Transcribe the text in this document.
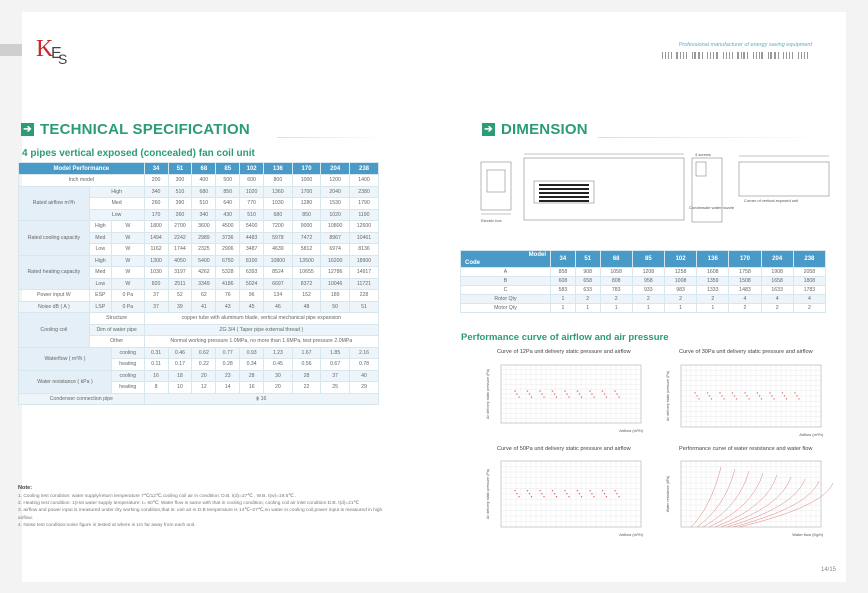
K
E
S
Professional manufacturer of energy saving equipment
➔ TECHNICAL SPECIFICATION
4 pipes vertical exposed (concealed) fan coil unit
Model Performance			34	51	68	85	102	136	170	204	238
Inch model			200	300	400	500	600	800	1000	1200	1400
Rated airflow m³/h	High		340	510	680	850	1020	1360	1700	2040	2380
	Med		260	390	510	640	770	1030	1280	1530	1790
	Low		170	260	340	430	510	680	850	1020	1190
Rated cooling capacity	High	W	1800	2700	3600	4500	5400	7200	9000	10800	12600
	Med	W	1494	2242	2989	3736	4483	5978	7472	8967	10461
	Low	W	1162	1744	2325	2906	3487	4639	5812	6974	8136
Rated heating capacity	High	W	1300	4050	5400	6750	8100	10800	13500	16200	18900
	Med	W	1030	3197	4262	5328	6393	8524	10655	12786	14917
	Low	W	820	2511	3349	4186	5024	6697	8372	10046	11721
Power input W	ESP	0 Pa	37	52	62	76	96	134	152	189	228
Noise dB ( A )	LSP	0 Pa	37	39	41	43	45	46	48	50	51
Cooling coil	Structure		copper tube with aluminum blade, vertical mechanical pipe expansion								
	Dim of water pipe		ZG 3/4 ( Taper pipe external thread )								
	Other		Normal working pressure 1.0MPa, no more than 1.6MPa, test pressure 2.0MPa								
Waterflow ( m³/h )		cooling	0.31	0.46	0.62	0.77	0.93	1.23	1.67	1.85	2.16
		heating	0.11	0.17	0.22	0.28	0.34	0.45	0.56	0.67	0.78
Water resistance ( kPa )		cooling	16	18	20	23	28	30	28	37	40
		heating	8	10	12	14	16	20	22	25	29
Condenser connection pipe			ϕ 16								
Note:
1. Cooling test condition: water supply/return temperature 7℃/12℃,cooling coil air in condition: D.B. t(d)=27℃ , W.B. t(w)=19.5℃ .
2. Heating test condition: 1)Hot water supply temperature: t= 60℃; Water flow is same with that in cooling condition; cooling coil air inlet condition:D.B. t(d)=21℃
3. airflow and power input is measured under dry working condition,that is: unit air in D.B temperature is 14℃~27℃,no water in cooling coil,power input is measured in high airflow.
4. Noise test condition:noise figure is tested at where is 1m far away from each unit.
➔ DIMENSION
Electric box
Condensate water nozzle
Corner of vertical exposed unit
4 screws
Code
Model	34	51	68	85	102	136	170	204	238
A	858	908	1058	1208	1258	1608	1758	1908	2058
B	608	658	808	958	1008	1359	1508	1658	1808
C	583	633	783	933	983	1333	1483	1633	1783
Rotor Qty	1	2	2	2	2	2	4	4	4
Motor Qty	1	1	1	1	1	1	2	2	2
Performance curve of airflow and air pressure
Curve of 12Pa unit delivery static pressure and airflow	Curve of 30Pa unit delivery static pressure and airflow
Curve of 50Pa unit delivery static pressure and airflow	Performance curve of water resistance and water flow
Airflow (m³/h)
Air delivery static pressure (Pa)
Airflow (m³/h)
Air delivery static pressure (Pa)
Airflow (m³/h)
Air delivery static pressure (Pa)
Water flow (Kg/h)
Water resistance (kPa)
14/15
